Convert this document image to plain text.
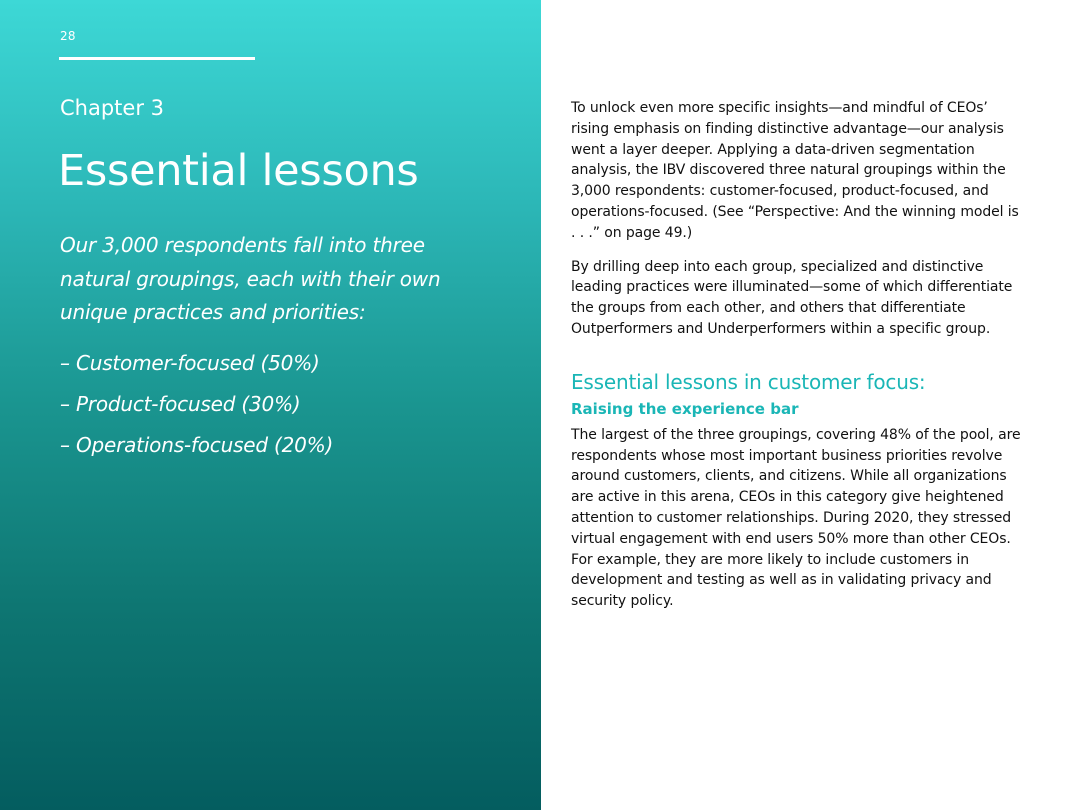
28
Chapter 3
Essential lessons

Our 3,000 respondents fall into three natural groupings, each with their own unique practices and priorities:

– Customer-focused (50%)
– Product-focused (30%)
– Operations-focused (20%)

To unlock even more specific insights—and mindful of CEOs’ rising emphasis on finding distinctive advantage—our analysis went a layer deeper. Applying a data-driven segmentation analysis, the IBV discovered three natural groupings within the 3,000 respondents: customer-focused, product-focused, and operations-focused. (See “Perspective: And the winning model is . . .” on page 49.)

By drilling deep into each group, specialized and distinctive leading practices were illuminated—some of which differentiate the groups from each other, and others that differentiate Outperformers and Underperformers within a specific group.

Essential lessons in customer focus:
Raising the experience bar

The largest of the three groupings, covering 48% of the pool, are respondents whose most important business priorities revolve around customers, clients, and citizens. While all organizations are active in this arena, CEOs in this category give heightened attention to customer relationships. During 2020, they stressed virtual engagement with end users 50% more than other CEOs. For example, they are more likely to include customers in development and testing as well as in validating privacy and security policy.
